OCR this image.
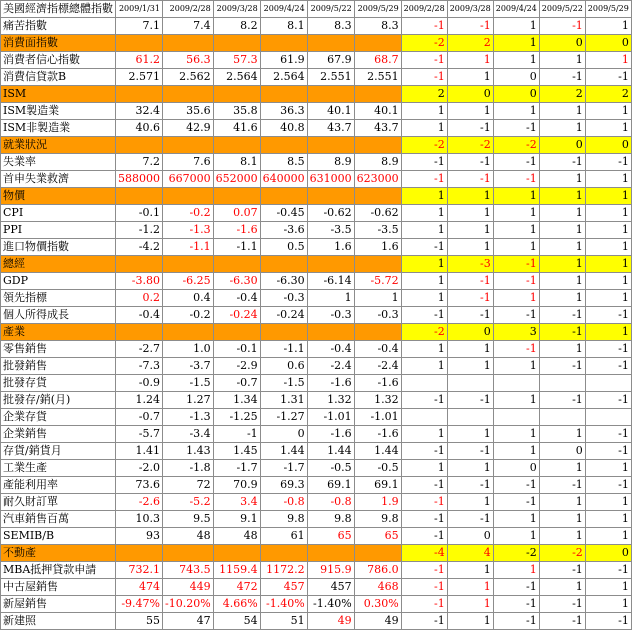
美國經濟指標總體指數	2009/1/31	2009/2/28	2009/3/28	2009/4/24	2009/5/22	2009/5/29	2009/2/28	2009/3/28	2009/4/24	2009/5/22	2009/5/29
痛苦指數	7.1	7.4	8.2	8.1	8.3	8.3	-1	-1	1	-1	1
消費面指數							-2	2	1	0	0
消費者信心指數	61.2	56.3	57.3	61.9	67.9	68.7	-1	1	1	1	1
消費信貸款B	2.571	2.562	2.564	2.564	2.551	2.551	-1	1	0	-1	-1
ISM							2	0	0	2	2
ISM製造業	32.4	35.6	35.8	36.3	40.1	40.1	1	1	1	1	1
ISM非製造業	40.6	42.9	41.6	40.8	43.7	43.7	1	-1	-1	1	1
就業狀況							-2	-2	-2	0	0
失業率	7.2	7.6	8.1	8.5	8.9	8.9	-1	-1	-1	-1	-1
首申失業救濟	588000	667000	652000	640000	631000	623000	-1	-1	-1	1	1
物價							1	1	1	1	1
CPI	-0.1	-0.2	0.07	-0.45	-0.62	-0.62	1	1	1	1	1
PPI	-1.2	-1.3	-1.6	-3.6	-3.5	-3.5	1	1	1	1	1
進口物價指數	-4.2	-1.1	-1.1	0.5	1.6	1.6	-1	1	1	1	1
總經							1	-3	-1	1	1
GDP	-3.80	-6.25	-6.30	-6.30	-6.14	-5.72	1	-1	-1	1	1
領先指標	0.2	0.4	-0.4	-0.3	1	1	1	-1	1	1	1
個人所得成長	-0.4	-0.2	-0.24	-0.24	-0.3	-0.3	-1	-1	-1	-1	-1
產業							-2	0	3	-1	1
零售銷售	-2.7	1.0	-0.1	-1.1	-0.4	-0.4	1	1	-1	1	-1
批發銷售	-7.3	-3.7	-2.9	0.6	-2.4	-2.4	1	1	1	-1	-1
批發存貨	-0.9	-1.5	-0.7	-1.5	-1.6	-1.6					
批發存/銷(月)	1.24	1.27	1.34	1.31	1.32	1.32	-1	-1	1	-1	-1
企業存貨	-0.7	-1.3	-1.25	-1.27	-1.01	-1.01					
企業銷售	-5.7	-3.4	-1	0	-1.6	-1.6	1	1	1	1	-1
存貨/銷貨月	1.41	1.43	1.45	1.44	1.44	1.44	-1	-1	1	0	-1
工業生產	-2.0	-1.8	-1.7	-1.7	-0.5	-0.5	1	1	0	1	1
產能利用率	73.6	72	70.9	69.3	69.1	69.1	-1	-1	-1	-1	-1
耐久財訂單	-2.6	-5.2	3.4	-0.8	-0.8	1.9	-1	1	-1	1	1
汽車銷售百萬	10.3	9.5	9.1	9.8	9.8	9.8	-1	-1	1	1	1
SEMIB/B	93	48	48	61	65	65	-1	0	1	1	1
不動產							-4	4	-2	-2	0
MBA抵押貸款申請	732.1	743.5	1159.4	1172.2	915.9	786.0	-1	1	1	-1	-1
中古屋銷售	474	449	472	457	457	468	-1	1	-1	1	1
新屋銷售	-9.47%	-10.20%	4.66%	-1.40%	-1.40%	0.30%	-1	1	-1	-1	1
新建照	55	47	54	51	49	49	-1	1	-1	-1	-1
